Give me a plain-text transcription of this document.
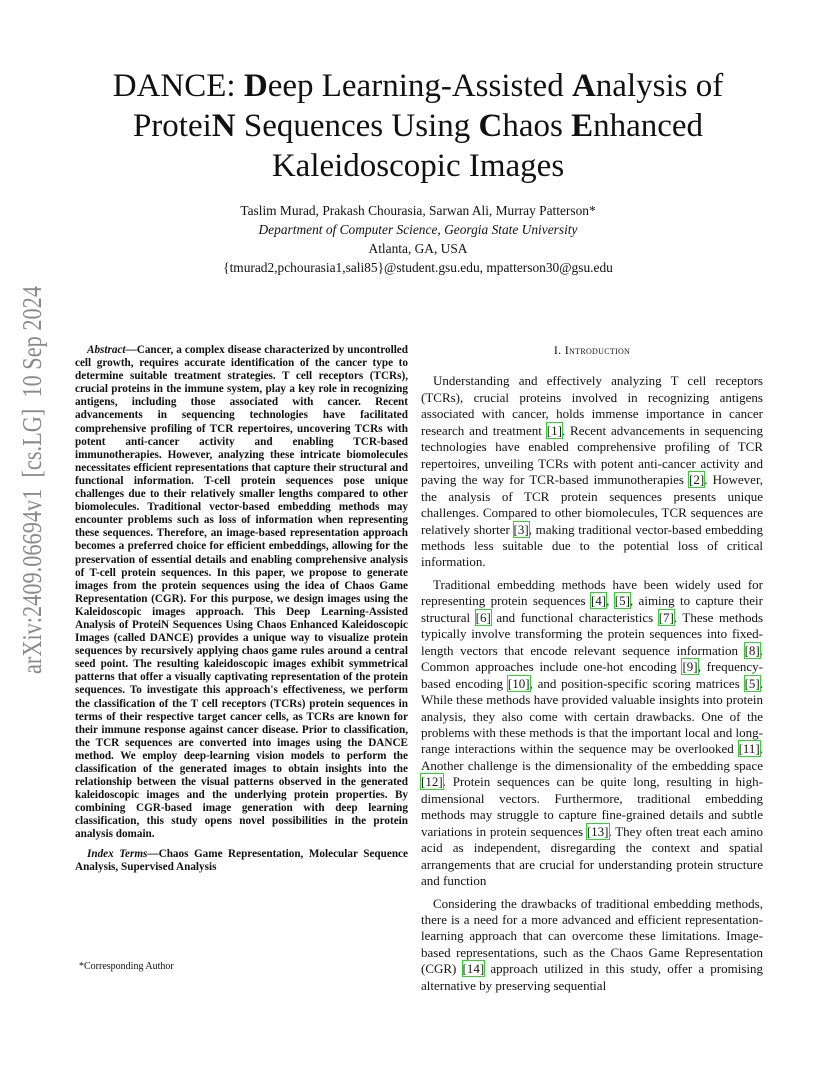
arXiv:2409.06694v1  [cs.LG]  10 Sep 2024
DANCE: Deep Learning-Assisted Analysis of
ProteiN Sequences Using Chaos Enhanced
Kaleidoscopic Images
Taslim Murad, Prakash Chourasia, Sarwan Ali, Murray Patterson*
Department of Computer Science, Georgia State University
Atlanta, GA, USA
{tmurad2,pchourasia1,sali85}@student.gsu.edu, mpatterson30@gsu.edu

Abstract—Cancer, a complex disease characterized by uncontrolled cell growth, requires accurate identification of the cancer type to determine suitable treatment strategies. T cell receptors (TCRs), crucial proteins in the immune system, play a key role in recognizing antigens, including those associated with cancer. Recent advancements in sequencing technologies have facilitated comprehensive profiling of TCR repertoires, uncovering TCRs with potent anti-cancer activity and enabling TCR-based immunotherapies. However, analyzing these intricate biomolecules necessitates efficient representations that capture their structural and functional information. T-cell protein sequences pose unique challenges due to their relatively smaller lengths compared to other biomolecules. Traditional vector-based embedding methods may encounter problems such as loss of information when representing these sequences. Therefore, an image-based representation approach becomes a preferred choice for efficient embeddings, allowing for the preservation of essential details and enabling comprehensive analysis of T-cell protein sequences. In this paper, we propose to generate images from the protein sequences using the idea of Chaos Game Representation (CGR). For this purpose, we design images using the Kaleidoscopic images approach. This Deep Learning-Assisted Analysis of ProteiN Sequences Using Chaos Enhanced Kaleidoscopic Images (called DANCE) provides a unique way to visualize protein sequences by recursively applying chaos game rules around a central seed point. The resulting kaleidoscopic images exhibit symmetrical patterns that offer a visually captivating representation of the protein sequences. To investigate this approach's effectiveness, we perform the classification of the T cell receptors (TCRs) protein sequences in terms of their respective target cancer cells, as TCRs are known for their immune response against cancer disease. Prior to classification, the TCR sequences are converted into images using the DANCE method. We employ deep-learning vision models to perform the classification of the generated images to obtain insights into the relationship between the visual patterns observed in the generated kaleidoscopic images and the underlying protein properties. By combining CGR-based image generation with deep learning classification, this study opens novel possibilities in the protein analysis domain.

Index Terms—Chaos Game Representation, Molecular Sequence Analysis, Supervised Analysis

*Corresponding Author
I. Introduction

Understanding and effectively analyzing T cell receptors (TCRs), crucial proteins involved in recognizing antigens associated with cancer, holds immense importance in cancer research and treatment [1]. Recent advancements in sequencing technologies have enabled comprehensive profiling of TCR repertoires, unveiling TCRs with potent anti-cancer activity and paving the way for TCR-based immunotherapies [2]. However, the analysis of TCR protein sequences presents unique challenges. Compared to other biomolecules, TCR sequences are relatively shorter [3], making traditional vector-based embedding methods less suitable due to the potential loss of critical information.

Traditional embedding methods have been widely used for representing protein sequences [4], [5], aiming to capture their structural [6] and functional characteristics [7]. These methods typically involve transforming the protein sequences into fixed-length vectors that encode relevant sequence information [8]. Common approaches include one-hot encoding [9], frequency-based encoding [10], and position-specific scoring matrices [5]. While these methods have provided valuable insights into protein analysis, they also come with certain drawbacks. One of the problems with these methods is that the important local and long-range interactions within the sequence may be overlooked [11]. Another challenge is the dimensionality of the embedding space [12]. Protein sequences can be quite long, resulting in high-dimensional vectors. Furthermore, traditional embedding methods may struggle to capture fine-grained details and subtle variations in protein sequences [13]. They often treat each amino acid as independent, disregarding the context and spatial arrangements that are crucial for understanding protein structure and function

Considering the drawbacks of traditional embedding methods, there is a need for a more advanced and efficient representation-learning approach that can overcome these limitations. Image-based representations, such as the Chaos Game Representation (CGR) [14] approach utilized in this study, offer a promising alternative by preserving sequential
